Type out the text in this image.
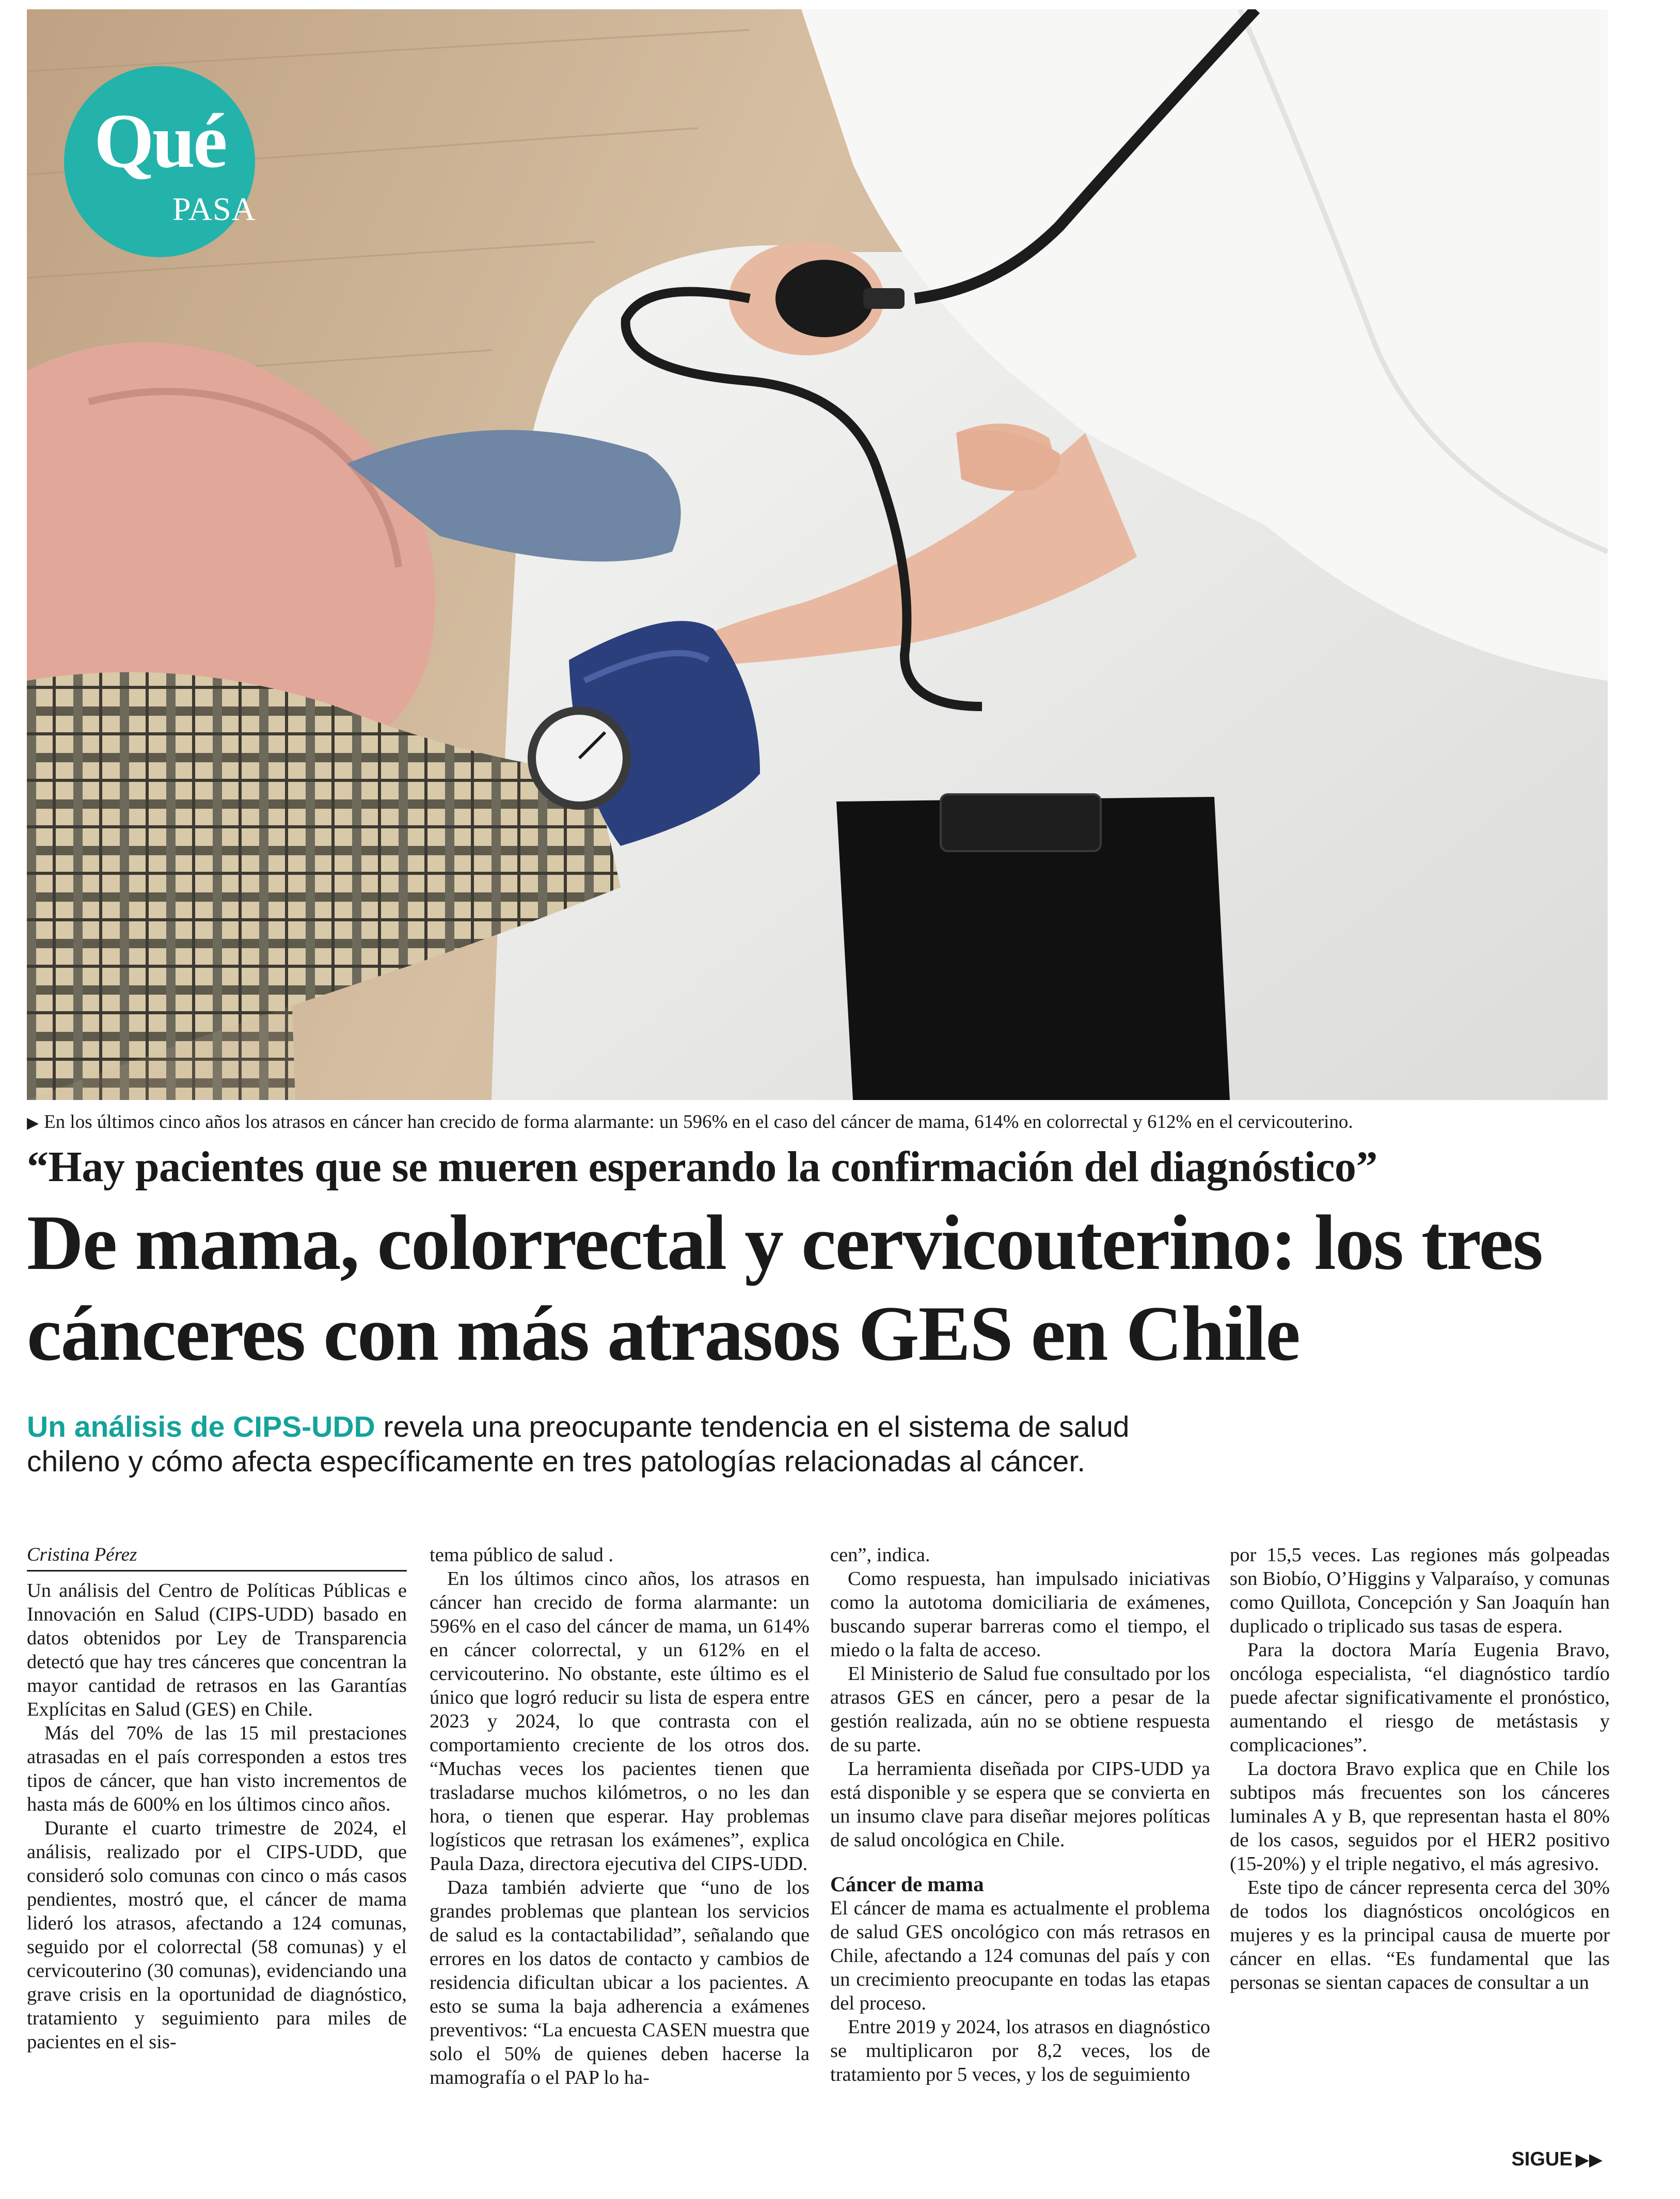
Qué
PASA
▶ En los últimos cinco años los atrasos en cáncer han crecido de forma alarmante: un 596% en el caso del cáncer de mama, 614% en colorrectal y 612% en el cervicouterino.
“Hay pacientes que se mueren esperando la confirmación del diagnóstico”
De mama, colorrectal y cervicouterino: los tres cánceres con más atrasos GES en Chile
Un análisis de CIPS-UDD revela una preocupante tendencia en el sistema de salud chileno y cómo afecta específicamente en tres patologías relacionadas al cáncer.
Cristina Pérez

Un análisis del Centro de Políticas Públicas e Innovación en Salud (CIPS-UDD) basado en datos obtenidos por Ley de Transparencia detectó que hay tres cánceres que concentran la mayor cantidad de retrasos en las Garantías Explícitas en Salud (GES) en Chile.

Más del 70% de las 15 mil prestaciones atrasadas en el país corresponden a estos tres tipos de cáncer, que han visto incrementos de hasta más de 600% en los últimos cinco años.

Durante el cuarto trimestre de 2024, el análisis, realizado por el CIPS-UDD, que consideró solo comunas con cinco o más casos pendientes, mostró que, el cáncer de mama lideró los atrasos, afectando a 124 comunas, seguido por el colorrectal (58 comunas) y el cervicouterino (30 comunas), evidenciando una grave crisis en la oportunidad de diagnóstico, tratamiento y seguimiento para miles de pacientes en el sis-

tema público de salud .

En los últimos cinco años, los atrasos en cáncer han crecido de forma alarmante: un 596% en el caso del cáncer de mama, un 614% en cáncer colorrectal, y un 612% en el cervicouterino. No obstante, este último es el único que logró reducir su lista de espera entre 2023 y 2024, lo que contrasta con el comportamiento creciente de los otros dos. “Muchas veces los pacientes tienen que trasladarse muchos kilómetros, o no les dan hora, o tienen que esperar. Hay problemas logísticos que retrasan los exámenes”, explica Paula Daza, directora ejecutiva del CIPS-UDD.

Daza también advierte que “uno de los grandes problemas que plantean los servicios de salud es la contactabilidad”, señalando que errores en los datos de contacto y cambios de residencia dificultan ubicar a los pacientes. A esto se suma la baja adherencia a exámenes preventivos: “La encuesta CASEN muestra que solo el 50% de quienes deben hacerse la mamografía o el PAP lo ha-

cen”, indica.

Como respuesta, han impulsado iniciativas como la autotoma domiciliaria de exámenes, buscando superar barreras como el tiempo, el miedo o la falta de acceso.

El Ministerio de Salud fue consultado por los atrasos GES en cáncer, pero a pesar de la gestión realizada, aún no se obtiene respuesta de su parte.

La herramienta diseñada por CIPS-UDD ya está disponible y se espera que se convierta en un insumo clave para diseñar mejores políticas de salud oncológica en Chile.

Cáncer de mama

El cáncer de mama es actualmente el problema de salud GES oncológico con más retrasos en Chile, afectando a 124 comunas del país y con un crecimiento preocupante en todas las etapas del proceso.

Entre 2019 y 2024, los atrasos en diagnóstico se multiplicaron por 8,2 veces, los de tratamiento por 5 veces, y los de seguimiento

por 15,5 veces. Las regiones más golpeadas son Biobío, O’Higgins y Valparaíso, y comunas como Quillota, Concepción y San Joaquín han duplicado o triplicado sus tasas de espera.

Para la doctora María Eugenia Bravo, oncóloga especialista, “el diagnóstico tardío puede afectar significativamente el pronóstico, aumentando el riesgo de metástasis y complicaciones”.

La doctora Bravo explica que en Chile los subtipos más frecuentes son los cánceres luminales A y B, que representan hasta el 80% de los casos, seguidos por el HER2 positivo (15-20%) y el triple negativo, el más agresivo.

Este tipo de cáncer representa cerca del 30% de todos los diagnósticos oncológicos en mujeres y es la principal causa de muerte por cáncer en ellas. “Es fundamental que las personas se sientan capaces de consultar a un

SIGUE ▶▶
